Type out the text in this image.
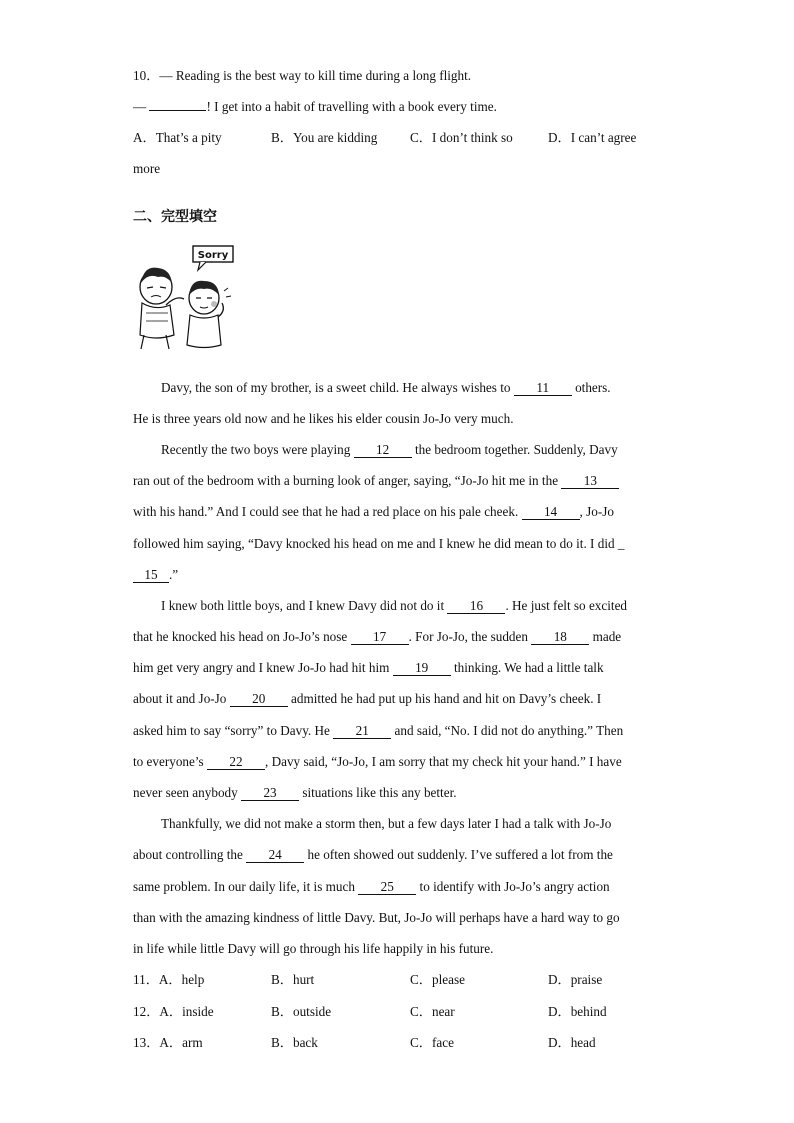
10．— Reading is the best way to kill time during a long flight.
—	! I get into a habit of travelling with a book every time.
A．That’s a pity	B．You are kidding C．I don’t think so	D．I can’t agree
more
二、完型填空
Sorry
Davy, the son of my brother, is a sweet child. He always wishes to 11 others.
He is three years old now and he likes his elder cousin Jo-Jo very much.
Recently the two boys were playing 12 the bedroom together. Suddenly, Davy
ran out of the bedroom with a burning look of anger, saying, “Jo-Jo hit me in the 13
with his hand.” And I could see that he had a red place on his pale cheek. 14 , Jo-Jo
followed him saying, “Davy knocked his head on me and I knew he did mean to do it. I did _
15 .”
I knew both little boys, and I knew Davy did not do it 16 . He just felt so excited
that he knocked his head on Jo-Jo’s nose 17 . For Jo-Jo, the sudden 18 made
him get very angry and I knew Jo-Jo had hit him 19 thinking. We had a little talk
about it and Jo-Jo 20 admitted he had put up his hand and hit on Davy’s cheek. I
asked him to say “sorry” to Davy. He 21 and said, “No. I did not do anything.” Then
to everyone’s 22 , Davy said, “Jo-Jo, I am sorry that my check hit your hand.” I have
never seen anybody 23 situations like this any better.
Thankfully, we did not make a storm then, but a few days later I had a talk with Jo-Jo
about controlling the 24 he often showed out suddenly. I’ve suffered a lot from the
same problem. In our daily life, it is much 25 to identify with Jo-Jo’s angry action
than with the amazing kindness of little Davy. But, Jo-Jo will perhaps have a hard way to go
in life while little Davy will go through his life happily in his future.
11．A．help	B．hurt	C．please	D．praise
12．A．inside	B．outside	C．near	D．behind
13．A．arm	B．back	C．face	D．head
